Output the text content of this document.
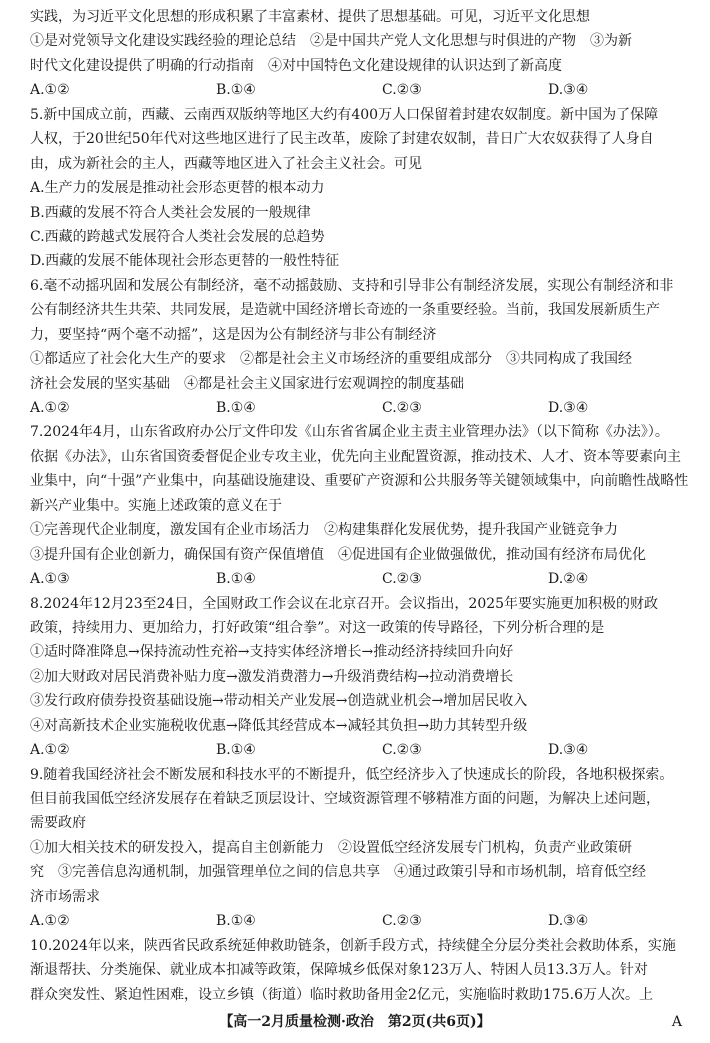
实践，为习近平文化思想的形成积累了丰富素材、提供了思想基础。可见，习近平文化思想
①是对党领导文化建设实践经验的理论总结　②是中国共产党人文化思想与时俱进的产物　③为新
时代文化建设提供了明确的行动指南　④对中国特色文化建设规律的认识达到了新高度
A.①②	B.①④	C.②③	D.③④
5.新中国成立前，西藏、云南西双版纳等地区大约有400万人口保留着封建农奴制度。新中国为了保障
人权，于20世纪50年代对这些地区进行了民主改革，废除了封建农奴制，昔日广大农奴获得了人身自
由，成为新社会的主人，西藏等地区进入了社会主义社会。可见
A.生产力的发展是推动社会形态更替的根本动力
B.西藏的发展不符合人类社会发展的一般规律
C.西藏的跨越式发展符合人类社会发展的总趋势
D.西藏的发展不能体现社会形态更替的一般性特征
6.毫不动摇巩固和发展公有制经济，毫不动摇鼓励、支持和引导非公有制经济发展，实现公有制经济和非
公有制经济共生共荣、共同发展，是造就中国经济增长奇迹的一条重要经验。当前，我国发展新质生产
力，要坚持“两个毫不动摇”，这是因为公有制经济与非公有制经济
①都适应了社会化大生产的要求　②都是社会主义市场经济的重要组成部分　③共同构成了我国经
济社会发展的坚实基础　④都是社会主义国家进行宏观调控的制度基础
A.①②	B.①④	C.②③	D.③④
7.2024年4月，山东省政府办公厅文件印发《山东省省属企业主责主业管理办法》（以下简称《办法》）。
依据《办法》，山东省国资委督促企业专攻主业，优先向主业配置资源，推动技术、人才、资本等要素向主
业集中，向“十强”产业集中，向基础设施建设、重要矿产资源和公共服务等关键领域集中，向前瞻性战略性
新兴产业集中。实施上述政策的意义在于
①完善现代企业制度，激发国有企业市场活力　②构建集群化发展优势，提升我国产业链竞争力
③提升国有企业创新力，确保国有资产保值增值　④促进国有企业做强做优，推动国有经济布局优化
A.①③	B.①④	C.②③	D.②④
8.2024年12月23至24日，全国财政工作会议在北京召开。会议指出，2025年要实施更加积极的财政
政策，持续用力、更加给力，打好政策“组合拳”。对这一政策的传导路径，下列分析合理的是
①适时降准降息→保持流动性充裕→支持实体经济增长→推动经济持续回升向好
②加大财政对居民消费补贴力度→激发消费潜力→升级消费结构→拉动消费增长
③发行政府债券投资基础设施→带动相关产业发展→创造就业机会→增加居民收入
④对高新技术企业实施税收优惠→降低其经营成本→减轻其负担→助力其转型升级
A.①②	B.①④	C.②③	D.③④
9.随着我国经济社会不断发展和科技水平的不断提升，低空经济步入了快速成长的阶段，各地积极探索。
但目前我国低空经济发展存在着缺乏顶层设计、空域资源管理不够精准方面的问题，为解决上述问题，
需要政府
①加大相关技术的研发投入，提高自主创新能力　②设置低空经济发展专门机构，负责产业政策研
究　③完善信息沟通机制，加强管理单位之间的信息共享　④通过政策引导和市场机制，培育低空经
济市场需求
A.①②	B.①④	C.②③	D.③④
10.2024年以来，陕西省民政系统延伸救助链条，创新手段方式，持续健全分层分类社会救助体系，实施
渐退帮扶、分类施保、就业成本扣减等政策，保障城乡低保对象123万人、特困人员13.3万人。针对
群众突发性、紧迫性困难，设立乡镇（街道）临时救助备用金2亿元，实施临时救助175.6万人次。上
【高一2月质量检测·政治　第2页(共6页)】	A
